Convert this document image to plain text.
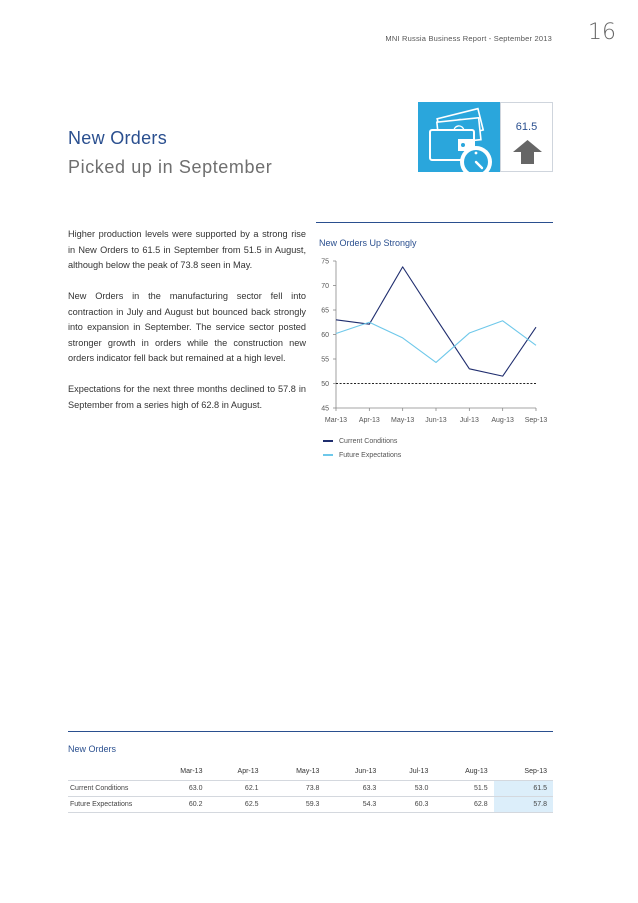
MNI Russia Business Report - September 2013 16
New Orders
Picked up in September
61.5

Higher production levels were supported by a strong rise in New Orders to 61.5 in September from 51.5 in August, although below the peak of 73.8 seen in May.

New Orders in the manufacturing sector fell into contraction in July and August but bounced back strongly into expansion in September. The service sector posted stronger growth in orders while the construction new orders indicator fell back but remained at a high level.

Expectations for the next three months declined to 57.8 in September from a series high of 62.8 in August.

New Orders Up Strongly
75
70
65
60
55
50
45
Mar-13 Apr-13 May-13 Jun-13 Jul-13 Aug-13 Sep-13
Current Conditions
Future Expectations
New Orders
	Mar-13	Apr-13	May-13	Jun-13	Jul-13	Aug-13	Sep-13
Current Conditions	63.0	62.1	73.8	63.3	53.0	51.5	61.5
Future Expectations	60.2	62.5	59.3	54.3	60.3	62.8	57.8
